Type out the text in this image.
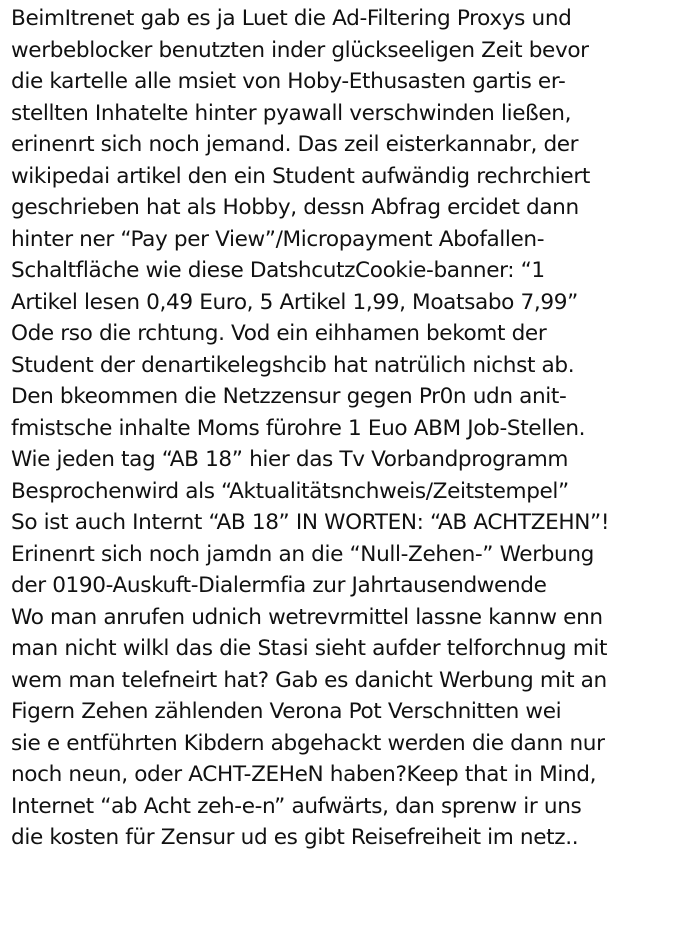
BeimItrenet gab es ja Luet die Ad-Filtering Proxys und
werbeblocker benutzten inder glückseeligen Zeit bevor
die kartelle alle msiet von Hoby-Ethusasten gartis er-
stellten Inhatelte hinter pyawall verschwinden ließen,
erinenrt sich noch jemand. Das zeil eisterkannabr, der
wikipedai artikel den ein Student aufwändig rechrchiert
geschrieben hat als Hobby, dessn Abfrag ercidet dann
hinter ner “Pay per View”/Micropayment Abofallen-
Schaltfläche wie diese DatshcutzCookie-banner: “1
Artikel lesen 0,49 Euro, 5 Artikel 1,99, Moatsabo 7,99”
Ode rso die rchtung. Vod ein eihhamen bekomt der
Student der denartikelegshcib hat natrülich nichst ab.
Den bkeommen die Netzzensur gegen Pr0n udn anit-
fmistsche inhalte Moms fürohre 1 Euo ABM Job-Stellen.
Wie jeden tag “AB 18” hier das Tv Vorbandprogramm
Besprochenwird als “Aktualitätsnchweis/Zeitstempel”
So ist auch Internt “AB 18” IN WORTEN: “AB ACHTZEHN”!
Erinenrt sich noch jamdn an die “Null-Zehen-” Werbung
der 0190-Auskuft-Dialermfia zur Jahrtausendwende
Wo man anrufen udnich wetrevrmittel lassne kannw enn
man nicht wilkl das die Stasi sieht aufder telforchnug mit
wem man telefneirt hat? Gab es danicht Werbung mit an
Figern Zehen zählenden Verona Pot Verschnitten wei
sie e entführten Kibdern abgehackt werden die dann nur
noch neun, oder ACHT-ZEHeN haben?Keep that in Mind,
Internet “ab Acht zeh-e-n” aufwärts, dan sprenw ir uns
die kosten für Zensur ud es gibt Reisefreiheit im netz..
